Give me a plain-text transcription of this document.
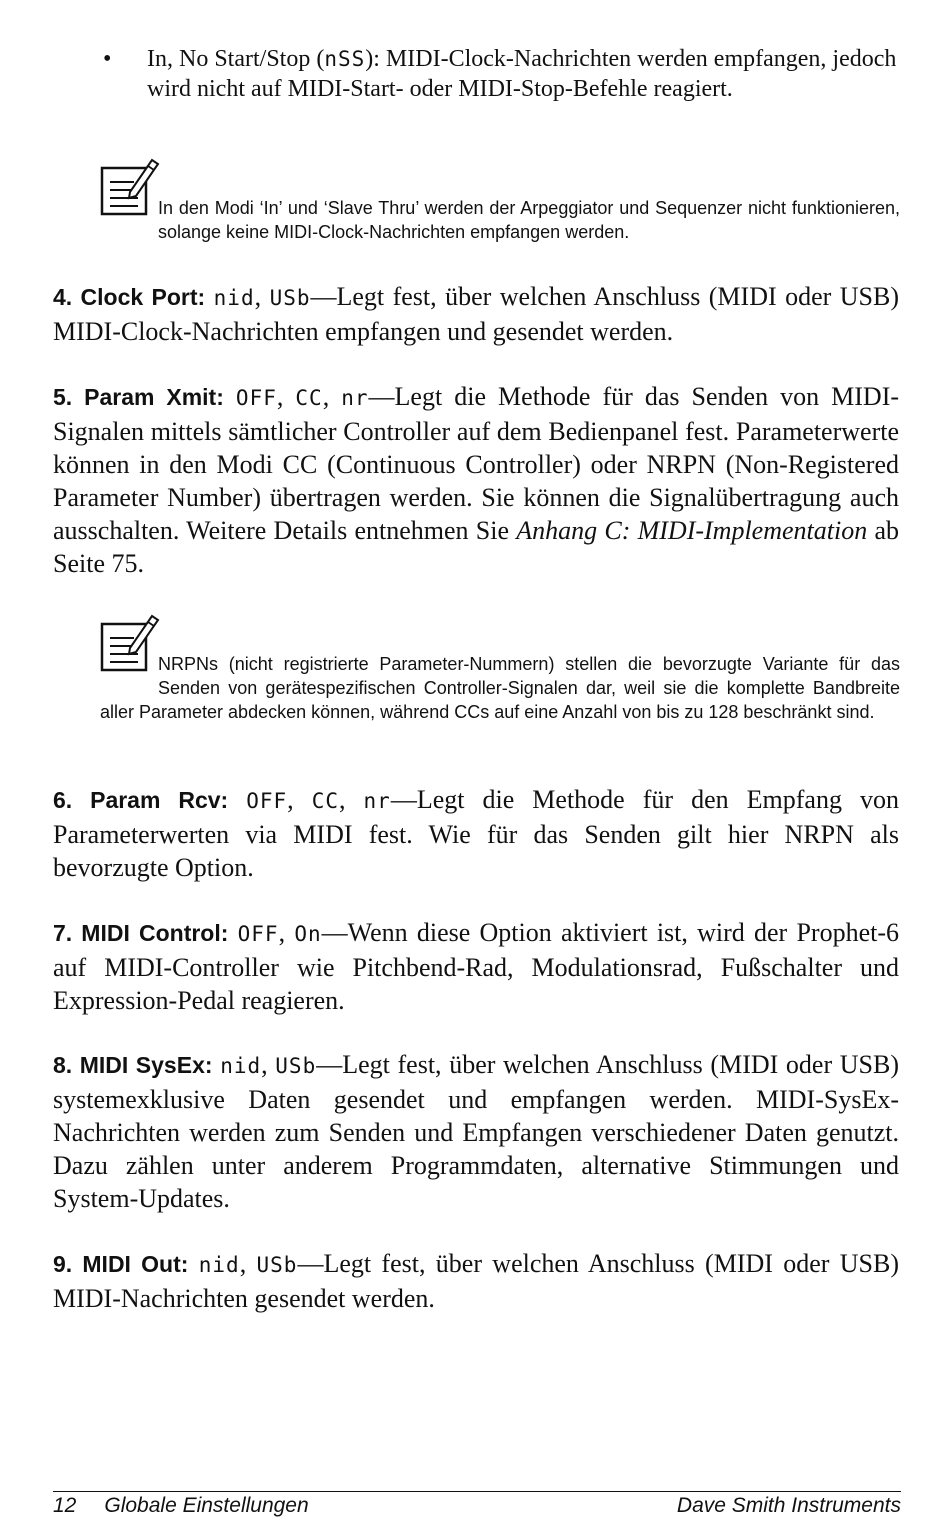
•	In, No Start/Stop (nSS): MIDI-Clock-Nachrichten werden empfangen, jedoch wird nicht auf MIDI-Start- oder MIDI-Stop-Befehle reagiert.
In den Modi ‘In’ und ‘Slave Thru’ werden der Arpeggiator und Sequenzer nicht funktionieren, solange keine MIDI-Clock-Nachrichten empfangen werden.
4. Clock Port: nid, USb—Legt fest, über welchen Anschluss (MIDI oder USB) MIDI-Clock-Nachrichten empfangen und gesendet werden.
5. Param Xmit: OFF, CC, nr—Legt die Methode für das Senden von MIDI-Signalen mittels sämtlicher Controller auf dem Bedienpanel fest. Parameterwerte können in den Modi CC (Continuous Controller) oder NRPN (Non-Registered Parameter Number) übertragen werden. Sie können die Signalübertragung auch ausschalten. Weitere Details entnehmen Sie Anhang C: MIDI-Implementation ab Seite 75.
NRPNs (nicht registrierte Parameter-Nummern) stellen die bevorzugte Variante für das Senden von gerätespezifischen Controller-Signalen dar, weil sie die komplette Bandbreite aller Parameter abdecken können, während CCs auf eine Anzahl von bis zu 128 beschränkt sind.
6. Param Rcv: OFF, CC, nr—Legt die Methode für den Empfang von Parameterwerten via MIDI fest. Wie für das Senden gilt hier NRPN als bevorzugte Option.
7. MIDI Control: OFF, On—Wenn diese Option aktiviert ist, wird der Prophet-6 auf MIDI-Controller wie Pitchbend-Rad, Modulationsrad, Fußschalter und Expression-Pedal reagieren.
8. MIDI SysEx: nid, USb—Legt fest, über welchen Anschluss (MIDI oder USB) systemexklusive Daten gesendet und empfangen werden. MIDI-SysEx-Nachrichten werden zum Senden und Empfangen verschiedener Daten genutzt. Dazu zählen unter anderem Programmdaten, alternative Stimmungen und System-Updates.
9. MIDI Out: nid, USb—Legt fest, über welchen Anschluss (MIDI oder USB) MIDI-Nachrichten gesendet werden.
12 Globale Einstellungen	Dave Smith Instruments
